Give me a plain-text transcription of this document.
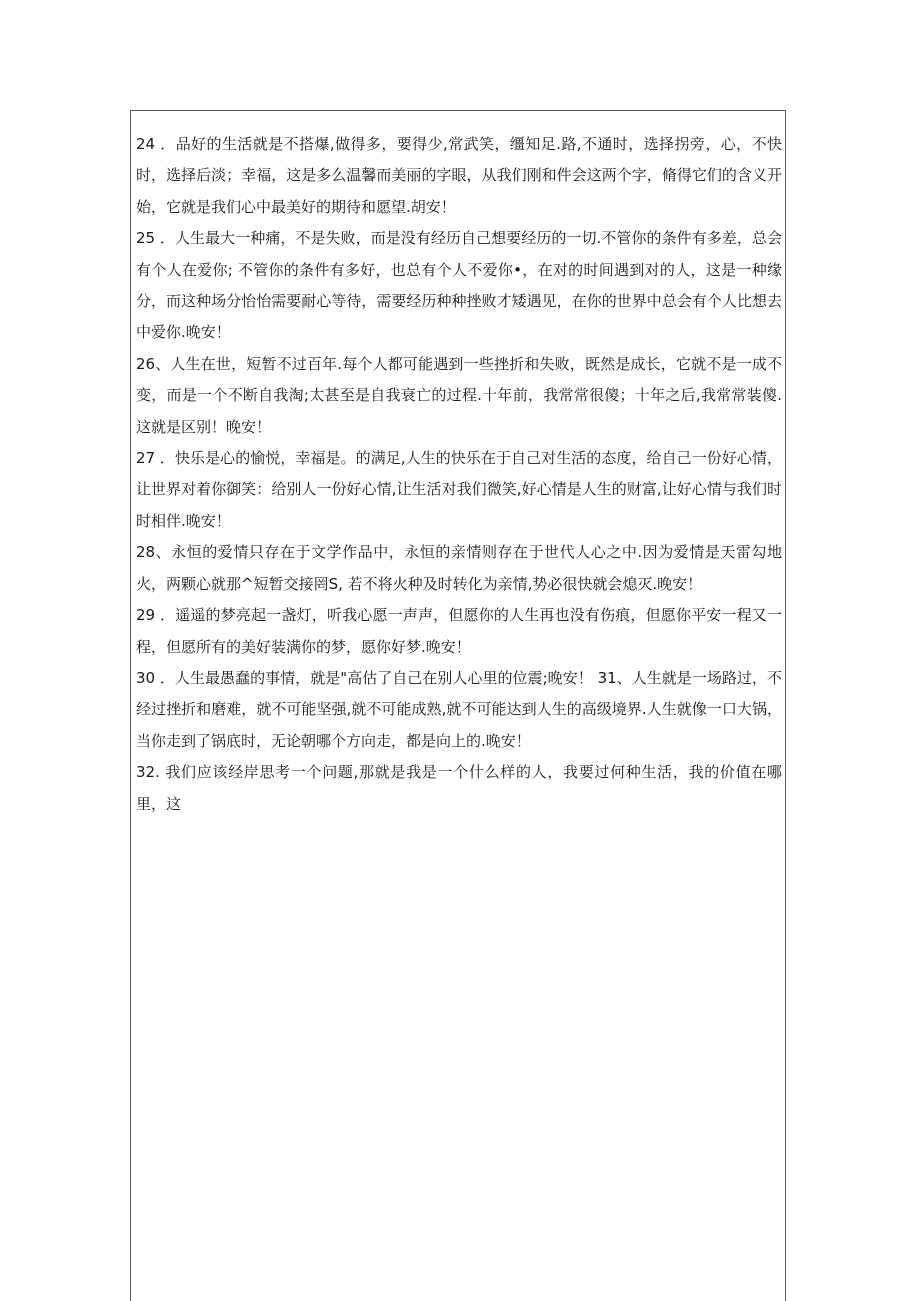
24 ．品好的生活就是不搭爆,做得多，要得少,常武笑，缰知足.路,不通时，选择拐旁，心，不快时，选择后淡；幸福，这是多么温馨而美丽的字眼，从我们刚和件会这两个字，脩得它们的含义开始，它就是我们心中最美好的期待和愿望.胡安！

25 ．人生最大一种痛，不是失败，而是没有经历自己想要经历的一切.不管你的条件有多差，总会有个人在爱你; 不管你的条件有多好，也总有个人不爱你•，在对的时间遇到对的人，这是一种缘分，而这种场分怡怡需要耐心等待，需要经历种种挫败才矮遇见，在你的世界中总会有个人比想去中爱你.晚安！

26、人生在世，短暂不过百年.每个人都可能遇到一些挫折和失败，既然是成长，它就不是一成不变，而是一个不断自我淘;太甚至是自我衰亡的过程.十年前，我常常很傻；十年之后,我常常装傻.这就是区别！晚安！

27 ．快乐是心的愉悦，幸福是。的满足,人生的快乐在于自己对生活的态度，给自己一份好心情，让世界对着你御笑：给别人一份好心情,让生活对我们微笑,好心情是人生的财富,让好心情与我们时时相伴.晚安！

28、永恒的爱情只存在于文学作品中，永恒的亲情则存在于世代人心之中.因为爱情是天雷勾地火，两颗心就那^短暂交接罔S, 若不将火种及时转化为亲情,势必很快就会熄灭.晚安！

29 ．遥遥的梦亮起一盏灯，听我心愿一声声，但愿你的人生再也没有伤痕，但愿你平安一程又一程，但愿所有的美好装满你的梦，愿你好梦.晚安！

30 ．人生最愚蠢的事情，就是"高估了自己在别人心里的位震;晚安！ 31、人生就是一场路过，不经过挫折和磨难，就不可能坚强,就不可能成熟,就不可能达到人生的高级境界.人生就像一口大锅，当你走到了锅底时，无论朝哪个方向走，都是向上的.晚安！

32. 我们应该经岸思考一个问题,那就是我是一个什么样的人，我要过何种生活，我的价值在哪里，这
